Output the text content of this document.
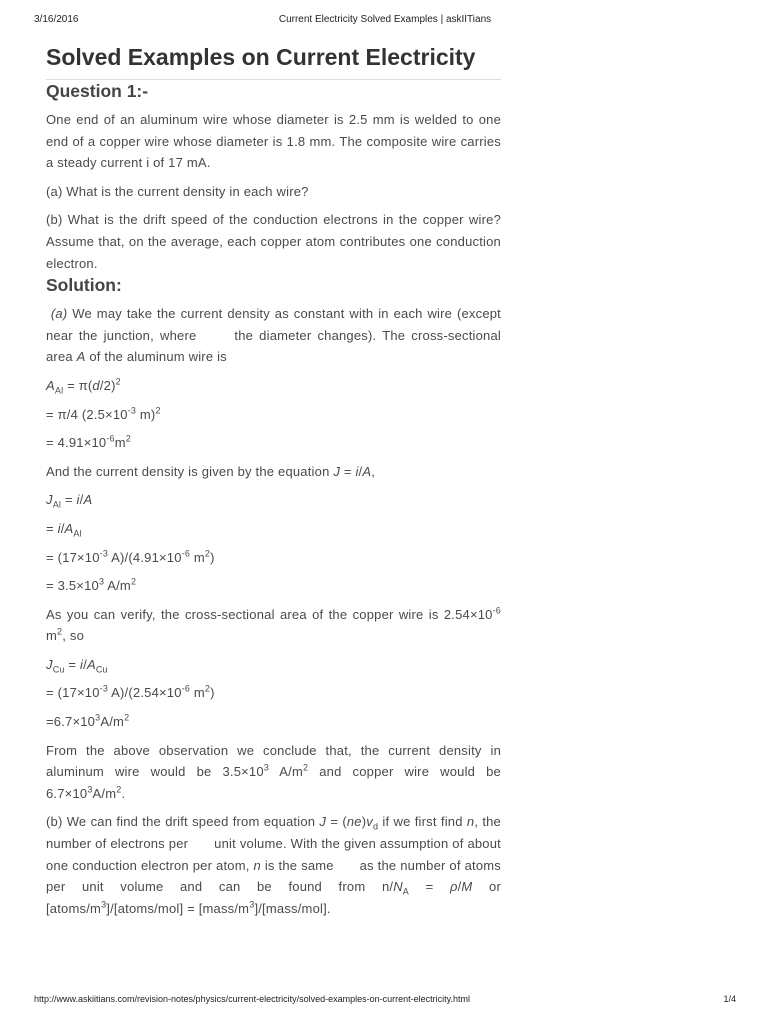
3/16/2016	Current Electricity Solved Examples | askIITians
Solved Examples on Current Electricity
Question 1:-

One end of an aluminum wire whose diameter is 2.5 mm is welded to one end of a copper wire whose diameter is 1.8 mm. The composite wire carries a steady current i of 17 mA.

(a) What is the current density in each wire?

(b) What is the drift speed of the conduction electrons in the copper wire? Assume that, on the average, each copper atom contributes one conduction electron.

Solution:

(a) We may take the current density as constant with in each wire (except near the junction, where	the diameter changes). The cross-sectional area A of the aluminum wire is

$A_{Al} = \pi(d/2)^2$

= π/4 ($2.5\times 10^{-3}$ m)$^2$

= $4.91\times 10^{-6}m^2$

And the current density is given by the equation J = i/A,

$J_{Al} = i/A$

= $i/A_{Al}$

= ($17\times 10^{-3}$ $A)/(4.91\times 10^{-6}$ $m^2$)

= $3.5\times 10^3$ $A/m^2$

As you can verify, the cross-sectional area of the copper wire is $2.54\times 10^{-6}$ $m^2$, so

$J_{Cu} = i/A_{Cu}$

= ($17\times 10^{-3}$ $A)/(2.54\times 10^{-6}$ $m^2$)

$=6.7\times 10^3A/m^2$

From the above observation we conclude that, the current density in aluminum wire would be $3.5\times 10^3$ $A/m^2$ and copper wire would be $6.7\times 10^3A/m^2$.

(b) We can find the drift speed from equation $J = (ne)v_d$ if we first find n, the number of electrons per unit volume. With the given assumption of about one conduction electron per atom, n is the same as the number of atoms per unit volume and can be found from $n/N_A = \rho/M$ or $[atoms/m^3]/[atoms/mol]$ = $[mass/m^3]/[mass/mol]$.

http://www.askiitians.com/revision-notes/physics/current-electricity/solved-examples-on-current-electricity.html	1/4
